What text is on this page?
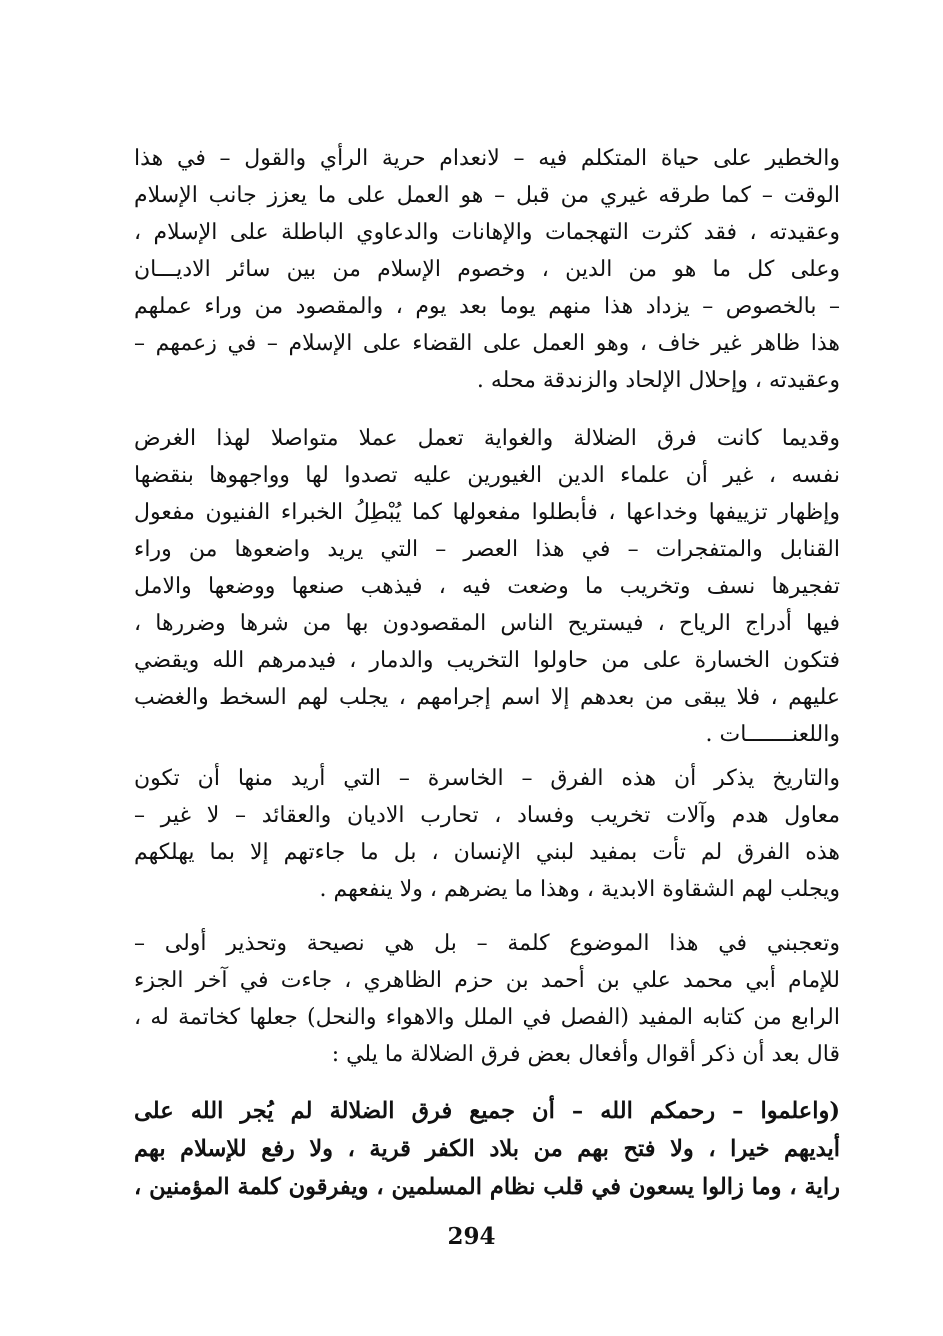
والخطير على حياة المتكلم فيه – لانعدام حرية الرأي والقول – في هذا
الوقت – كما طرقه غيري من قبل – هو العمل على ما يعزز جانب الإسلام
وعقيدته ، فقد كثرت التهجمات والإهانات والدعاوي الباطلة على الإسلام ،
وعلى كل ما هو من الدين ، وخصوم الإسلام من بين سائر الاديـــان
– بالخصوص – يزداد هذا منهم يوما بعد يوم ، والمقصود من وراء عملهم
هذا ظاهر غير خاف ، وهو العمل على القضاء على الإسلام – في زعمهم –
وعقيدته ، وإحلال الإلحاد والزندقة محله .
وقديما كانت فرق الضلالة والغواية تعمل عملا متواصلا لهذا الغرض
نفسه ، غير أن علماء الدين الغيورين عليه تصدوا لها وواجهوها بنقضها
وإظهار تزييفها وخداعها ، فأبطلوا مفعولها كما يُبْطِلُ الخبراء الفنيون مفعول
القنابل والمتفجرات – في هذا العصر – التي يريد واضعوها من وراء
تفجيرها نسف وتخريب ما وضعت فيه ، فيذهب صنعها ووضعها والامل
فيها أدراج الرياح ، فيستريح الناس المقصودون بها من شرها وضررها ،
فتكون الخسارة على من حاولوا التخريب والدمار ، فيدمرهم الله ويقضي
عليهم ، فلا يبقى من بعدهم إلا اسم إجرامهم ، يجلب لهم السخط والغضب
واللعنـــــــات .
والتاريخ يذكر أن هذه الفرق – الخاسرة – التي أريد منها أن تكون
معاول هدم وآلات تخريب وفساد ، تحارب الاديان والعقائد – لا غير –
هذه الفرق لم تأت بمفيد لبني الإنسان ، بل ما جاءتهم إلا بما يهلكهم
ويجلب لهم الشقاوة الابدية ، وهذا ما يضرهم ، ولا ينفعهم .
وتعجبني في هذا الموضوع كلمة – بل هي نصيحة وتحذير أولى –
للإمام أبي محمد علي بن أحمد بن حزم الظاهري ، جاءت في آخر الجزء
الرابع من كتابه المفيد (الفصل في الملل والاهواء والنحل) جعلها كخاتمة له ،
قال بعد أن ذكر أقوال وأفعال بعض فرق الضلالة ما يلي :
(واعلموا – رحمكم الله – أن جميع فرق الضلالة لم يُجر الله على
أيديهم خيرا ، ولا فتح بهم من بلاد الكفر قرية ، ولا رفع للإسلام بهم
راية ، وما زالوا يسعون في قلب نظام المسلمين ، ويفرقون كلمة المؤمنين ،
294
